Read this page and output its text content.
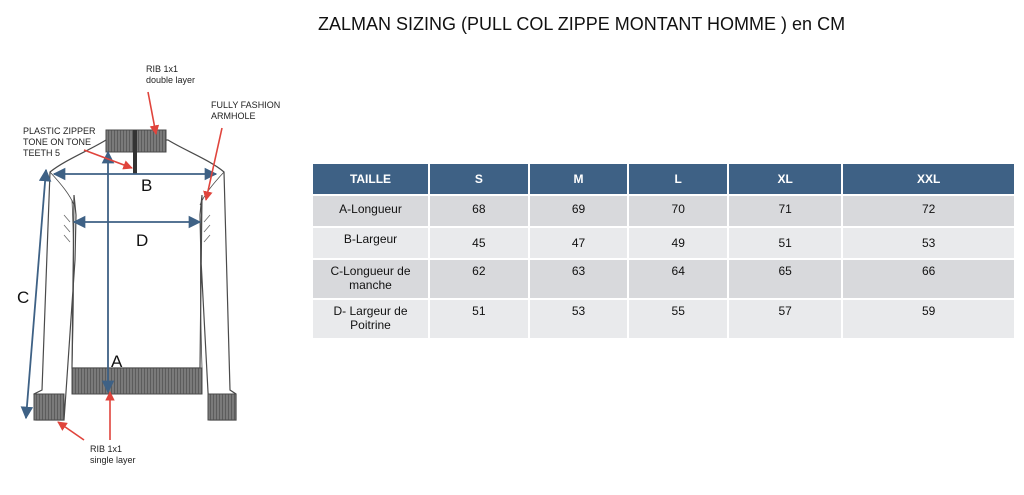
ZALMAN SIZING (PULL COL ZIPPE MONTANT HOMME ) en CM
RIB 1x1
double layer
FULLY FASHION
ARMHOLE
PLASTIC ZIPPER
TONE ON TONE
TEETH 5
RIB 1x1
single layer
B
D
C
A
TAILLE	S	M	L	XL	XXL
A-Longueur	68	69	70	71	72
B-Largeur	45	47	49	51	53
C-Longueur de manche	62	63	64	65	66
D- Largeur de Poitrine	51	53	55	57	59
